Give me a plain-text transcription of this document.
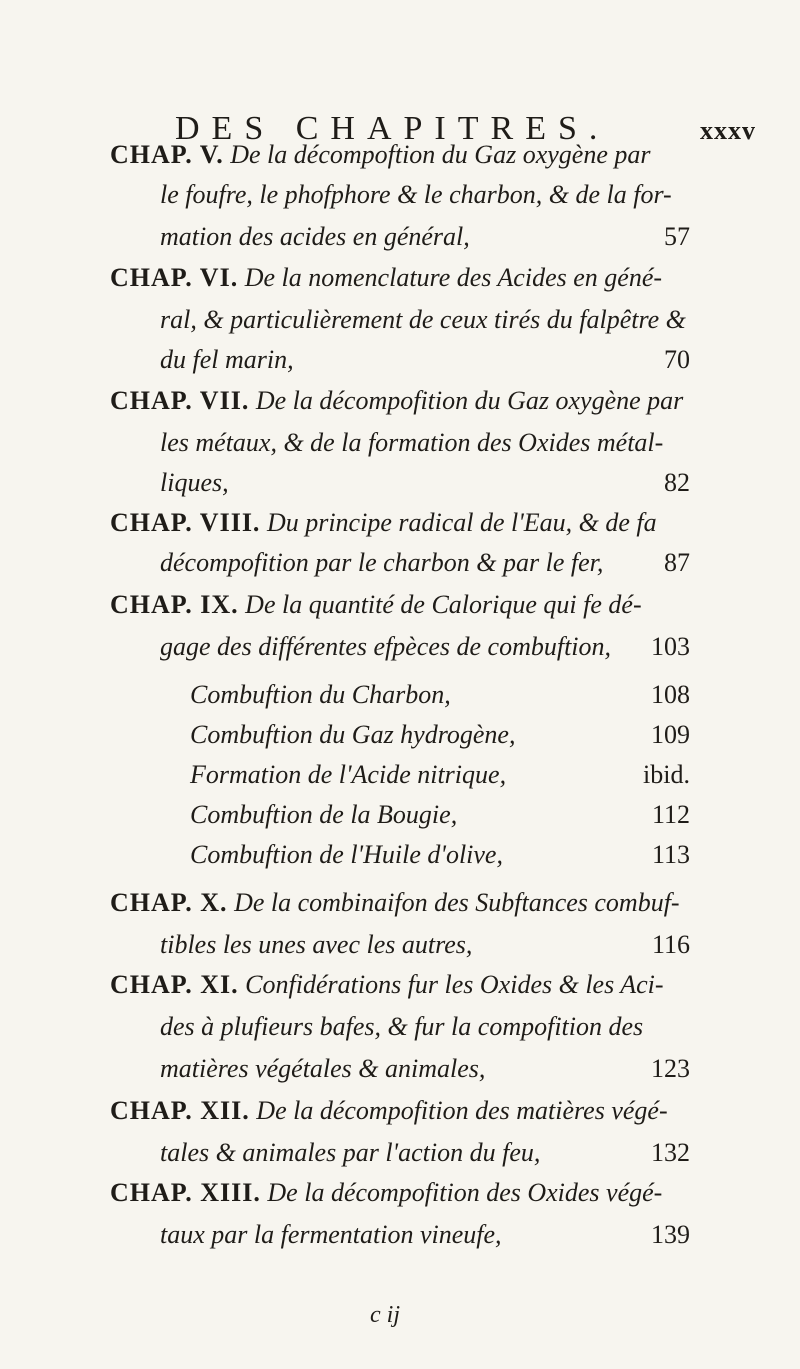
DES CHAPITRES.	xxxv
CHAP. V. De la décompoftion du Gaz oxygène par
le foufre, le phofphore & le charbon, & de la for-
mation des acides en général,	57
CHAP. VI. De la nomenclature des Acides en géné-
ral, & particulièrement de ceux tirés du falpêtre &
du fel marin,	70
CHAP. VII. De la décompofition du Gaz oxygène par
les métaux, & de la formation des Oxides métal-
liques,	82
CHAP. VIII. Du principe radical de l'Eau, & de fa
décompofition par le charbon & par le fer, 87
CHAP. IX. De la quantité de Calorique qui fe dé-
gage des différentes efpèces de combuftion, 103
Combuftion du Charbon,	108
Combuftion du Gaz hydrogène,	109
Formation de l'Acide nitrique,	ibid.
Combuftion de la Bougie,	112
Combuftion de l'Huile d'olive,	113
CHAP. X. De la combinaifon des Subftances combuf-
tibles les unes avec les autres,	116
CHAP. XI. Confidérations fur les Oxides & les Aci-
des à plufieurs bafes, & fur la compofition des
matières végétales & animales,	123
CHAP. XII. De la décompofition des matières végé-
tales & animales par l'action du feu,	132
CHAP. XIII. De la décompofition des Oxides végé-
taux par la fermentation vineufe,	139
c ij
